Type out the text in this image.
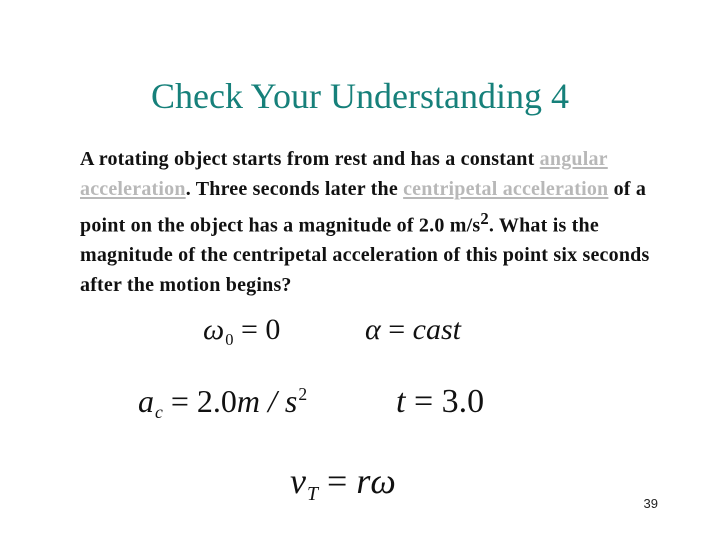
Check Your Understanding 4
A rotating object starts from rest and has a constant angular acceleration. Three seconds later the centripetal acceleration of a point on the object has a magnitude of 2.0 $m/s^2$. What is the magnitude of the centripetal acceleration of this point six seconds after the motion begins?
ω0 = 0	α = cast
ac = $2.0m / s^2$	t = 3.0
vT = rω
39
